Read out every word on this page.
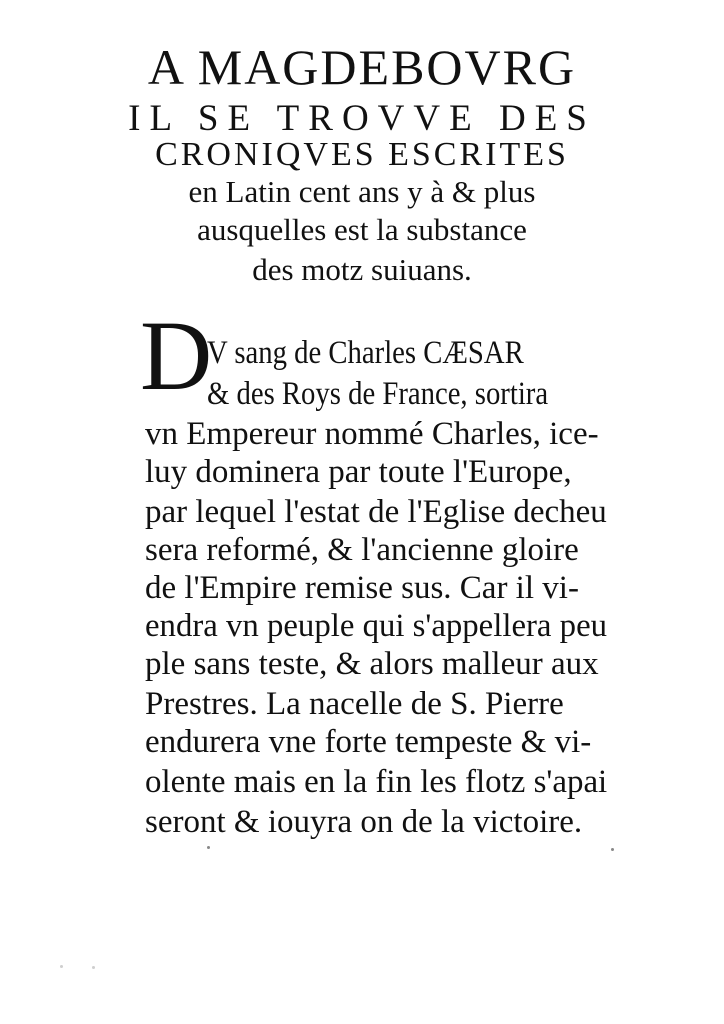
A MAGDEBOVRG
IL SE TROVVE DES
CRONIQVES ESCRITES
en Latin cent ans y à & plus
ausquelles est la substance
des motz suiuans.
D
V sang de Charles CÆSAR
& des Roys de France, sortira
vn Empereur nommé Charles, ice-
luy dominera par toute l'Europe,
par lequel l'estat de l'Eglise decheu
sera reformé, & l'ancienne gloire
de l'Empire remise sus. Car il vi-
endra vn peuple qui s'appellera peu
ple sans teste, & alors malleur aux
Prestres. La nacelle de S. Pierre
endurera vne forte tempeste & vi-
olente mais en la fin les flotz s'apai
seront & iouyra on de la victoire.
